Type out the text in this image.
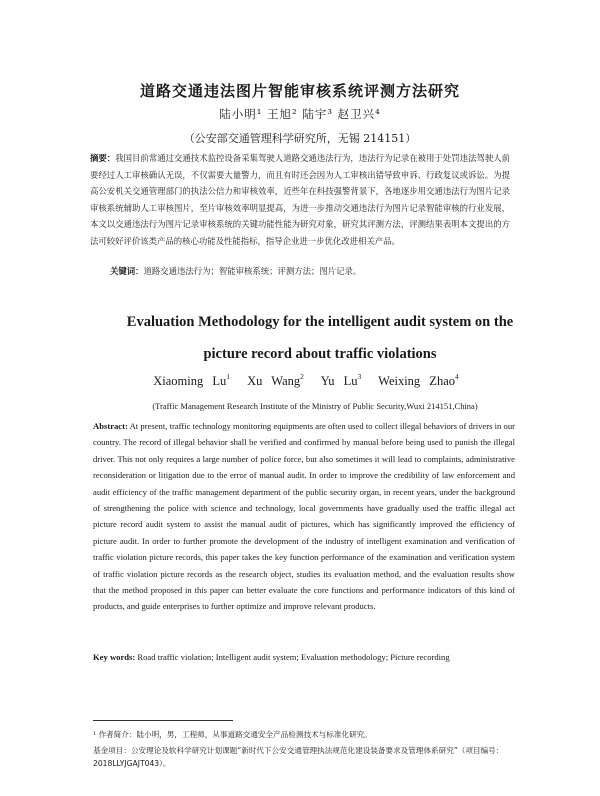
道路交通违法图片智能审核系统评测方法研究
陆小明¹ 王旭² 陆宇³ 赵卫兴⁴
（公安部交通管理科学研究所，无锡 214151）
摘要：我国目前常通过交通技术监控设备采集驾驶人道路交通违法行为，违法行为记录在被用于处罚违法驾驶人前要经过人工审核确认无误，不仅需要大量警力，而且有时还会因为人工审核出错导致申诉、行政复议或诉讼。为提高公安机关交通管理部门的执法公信力和审核效率，近些年在科技强警背景下，各地逐步用交通违法行为图片记录审核系统辅助人工审核图片，至片审核效率明显提高，为进一步推动交通违法行为图片记录智能审核的行业发展，本文以交通违法行为图片记录审核系统的关键功能性能为研究对象，研究其评测方法，评测结果表明本文提出的方法可较好评价该类产品的核心功能及性能指标，指导企业进一步优化改进相关产品。
关键词：道路交通违法行为；智能审核系统；评测方法；图片记录。
Evaluation Methodology for the intelligent audit system on the
picture record about traffic violations
Xiaoming Lu$^1$ Xu Wang$^2$ Yu Lu$^3$ Weixing Zhao$^4$
(Traffic Management Research Institute of the Ministry of Public Security,Wuxi 214151,China)
Abstract: At present, traffic technology monitoring equipments are often used to collect illegal behaviors of drivers in our country. The record of illegal behavior shall be verified and confirmed by manual before being used to punish the illegal driver. This not only requires a large number of police force, but also sometimes it will lead to complaints, administrative reconsideration or litigation due to the error of manual audit. In order to improve the credibility of law enforcement and audit efficiency of the traffic management department of the public security organ, in recent years, under the background of strengthening the police with science and technology, local governments have gradually used the traffic illegal act picture record audit system to assist the manual audit of pictures, which has significantly improved the efficiency of picture audit. In order to further promote the development of the industry of intelligent examination and verification of traffic violation picture records, this paper takes the key function performance of the examination and verification system of traffic violation picture records as the research object, studies its evaluation method, and the evaluation results show that the method proposed in this paper can better evaluate the core functions and performance indicators of this kind of products, and guide enterprises to further optimize and improve relevant products.
Key words: Road traffic violation; Intelligent audit system; Evaluation methodology; Picture recording
¹ 作者简介：陆小明，男，工程师，从事道路交通安全产品检测技术与标准化研究。
基金项目：公安理论及软科学研究计划课题“新时代下公安交通管理执法规范化建设装备要求及管理体系研究”（项目编号：2018LLYJGAJT043）。
